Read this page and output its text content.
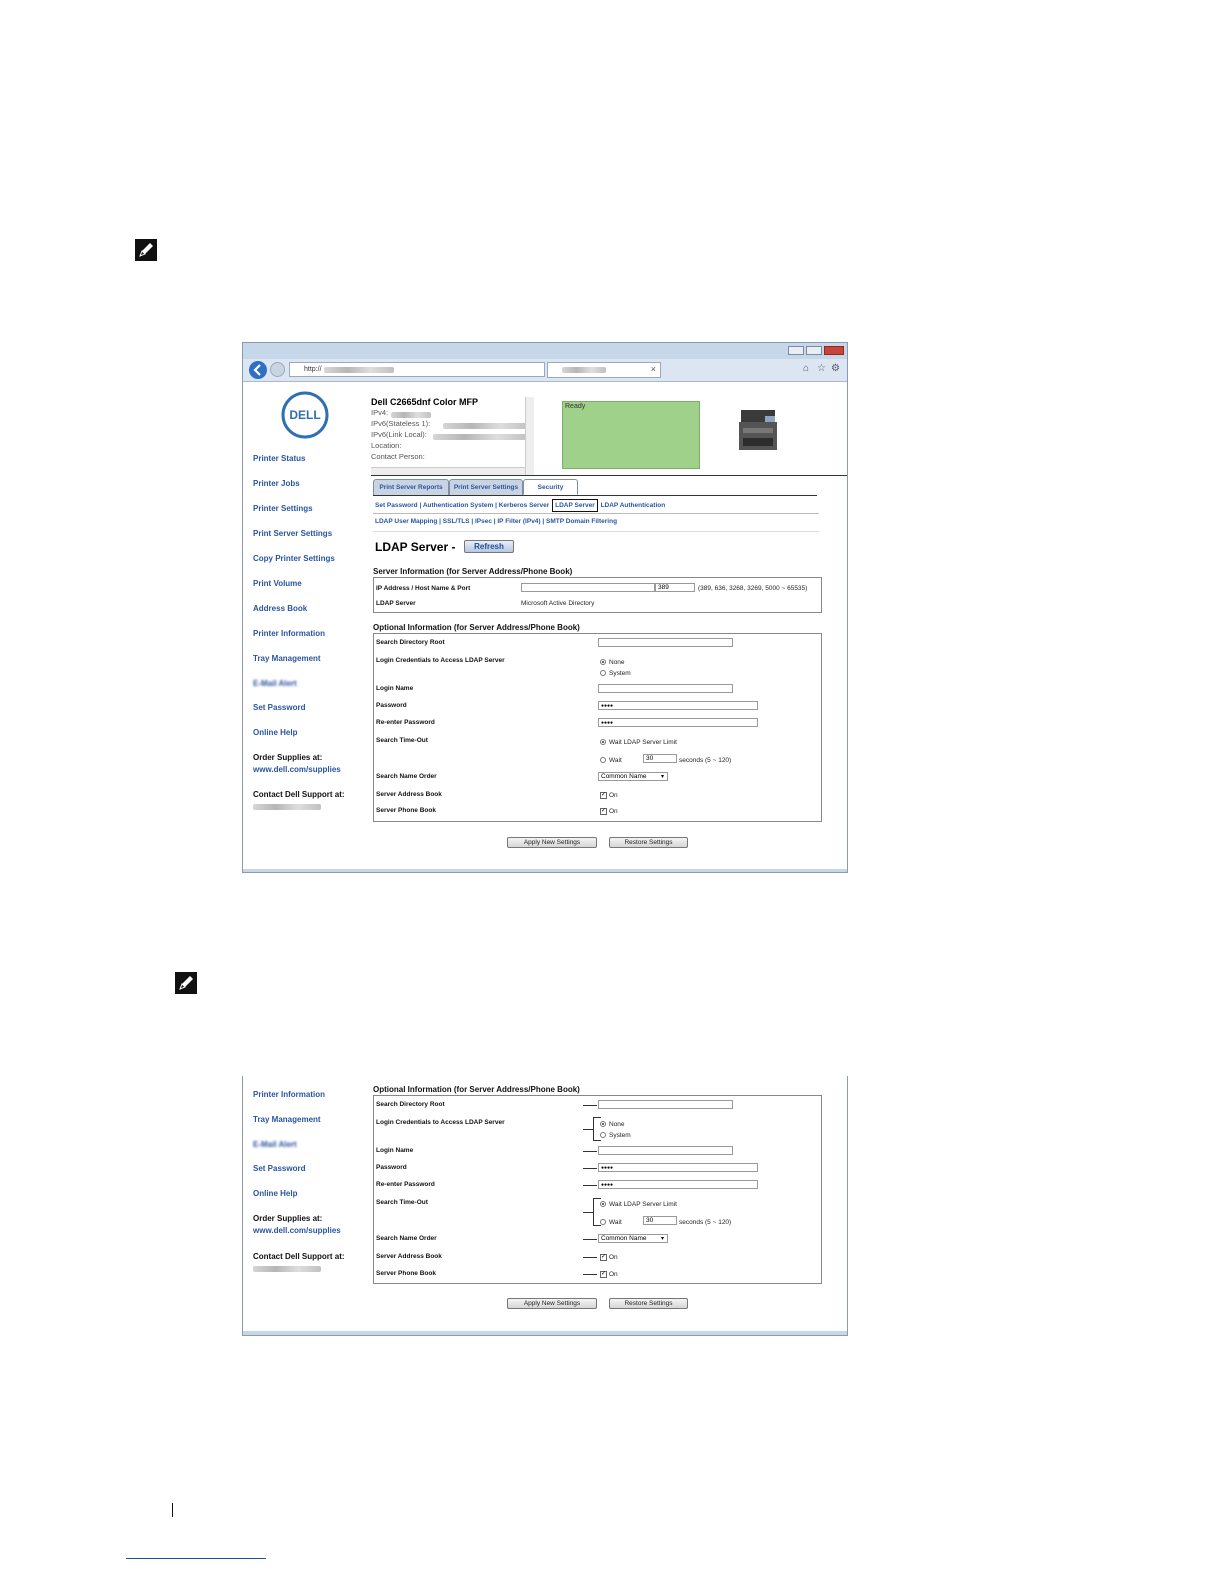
http://	×	⌂ ☆ ⚙
DELL
Printer Status
Printer Jobs
Printer Settings
Print Server Settings
Copy Printer Settings
Print Volume
Address Book
Printer Information
Tray Management
E-Mail Alert
Set Password
Online Help
Order Supplies at:
www.dell.com/supplies
Contact Dell Support at:
Dell C2665dnf Color MFP
IPv4:
IPv6(Stateless 1):
IPv6(Link Local):
Location:
Contact Person:
Ready
Print Server Reports	Print Server Settings	Security
Set Password | Authentication System | Kerberos Server LDAP Server LDAP Authentication
LDAP User Mapping | SSL/TLS | IPsec | IP Filter (IPv4) | SMTP Domain Filtering
LDAP Server -	Refresh
Server Information (for Server Address/Phone Book)
IP Address / Host Name & Port	389	(389, 636, 3268, 3269, 5000 ~ 65535)
LDAP Server	Microsoft Active Directory
Optional Information (for Server Address/Phone Book)
Search Directory Root
Login Credentials to Access LDAP Server	None
System
Login Name
Password	●●●●
Re-enter Password	●●●●
Search Time-Out	Wait LDAP Server Limit
Wait	30	seconds (5 ~ 120)
Search Name Order	Common Name ▾
Server Address Book	✓ On
Server Phone Book	✓ On
Apply New Settings	Restore Settings
Printer Information
Tray Management
E-Mail Alert
Set Password
Online Help
Order Supplies at:
www.dell.com/supplies
Contact Dell Support at:
Optional Information (for Server Address/Phone Book)
Search Directory Root
Login Credentials to Access LDAP Server	None
System
Login Name
Password	●●●●
Re-enter Password	●●●●
Search Time-Out	Wait LDAP Server Limit
Wait	30	seconds (5 ~ 120)
Search Name Order	Common Name ▾
Server Address Book	✓ On
Server Phone Book	✓ On
Apply New Settings	Restore Settings
